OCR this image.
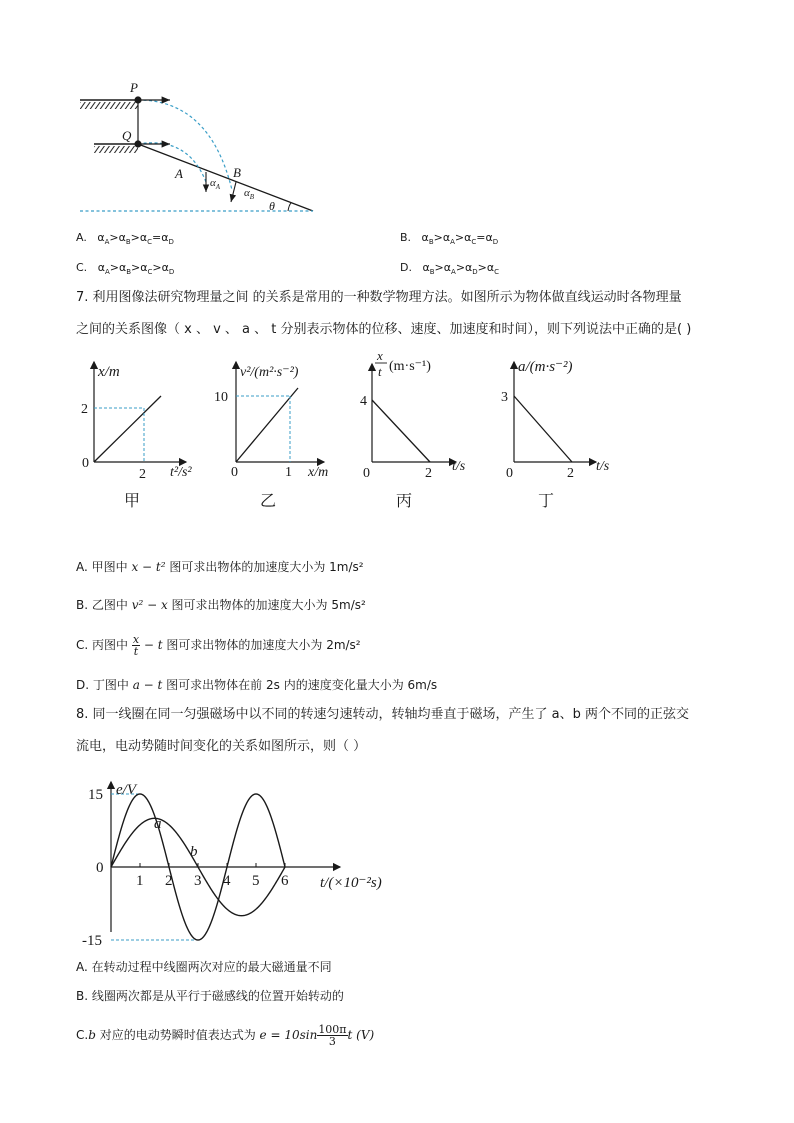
P
Q
A	B
$\alpha_A$ $\alpha_B$
θ
A. $\alpha_A>\alpha_B>\alpha_C=\alpha_D$	B. $\alpha_B>\alpha_A>\alpha_C=\alpha_D$
C. $\alpha_A>\alpha_B>\alpha_C>\alpha_D$	D. $\alpha_B>\alpha_A>\alpha_D>\alpha_C$
7. 利用图像法研究物理量之间 的关系是常用的一种数学物理方法。如图所示为物体做直线运动时各物理量
之间的关系图像（ x 、 v 、 a 、 t 分别表示物体的位移、速度、加速度和时间），则下列说法中正确的是( )
x/m
2
0
2 t²/s²
甲
v²/(m²·s⁻²)
10
0	1 x/m
乙
x
t (m·s⁻¹)
4
0	2 t/s
丙
a/(m·s⁻²)
3
0	2 t/s
丁
A. 甲图中 x − t² 图可求出物体的加速度大小为 1m/s²
B. 乙图中 v² − x 图可求出物体的加速度大小为 5m/s²
C. 丙图中 $\frac{x}{t} - t$ 图可求出物体的加速度大小为 2m/s²
D. 丁图中 a − t 图可求出物体在前 2s 内的速度变化量大小为 6m/s
8. 同一线圈在同一匀强磁场中以不同的转速匀速转动，转轴均垂直于磁场，产生了 a、b 两个不同的正弦交
流电，电动势随时间变化的关系如图所示，则（ ）
1 2 3 4 5 6
15
0
-15
e/V
t/(×10⁻²s)
a
b
A. 在转动过程中线圈两次对应的最大磁通量不同
B. 线圈两次都是从平行于磁感线的位置开始转动的
C.b 对应的电动势瞬时值表达式为 $e = 10\sin \frac{100\pi}{3}$ t (V)
